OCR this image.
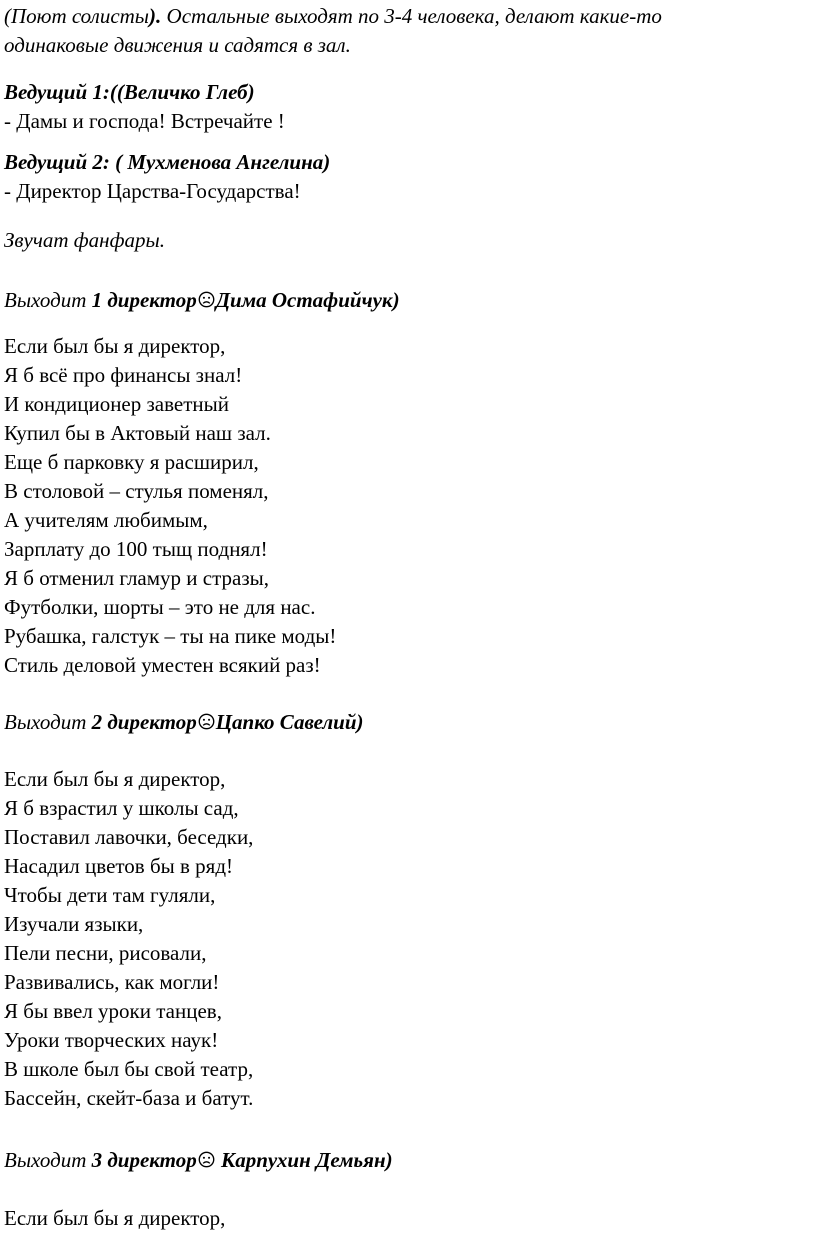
(Поют солисты). Остальные выходят по 3-4 человека, делают какие-то

одинаковые движения и садятся в зал.

Ведущий 1:((Величко Глеб)

- Дамы и господа! Встречайте !

Ведущий 2: ( Мухменова Ангелина)

- Директор Царства-Государства!

Звучат фанфары.

Выходит 1 директор Дима Остафийчук)

Если был бы я директор,

Я б всё про финансы знал!

И кондиционер заветный

Купил бы в Актовый наш зал.

Еще б парковку я расширил,

В столовой – стулья поменял,

А учителям любимым,

Зарплату до 100 тыщ поднял!

Я б отменил гламур и стразы,

Футболки, шорты – это не для нас.

Рубашка, галстук – ты на пике моды!

Стиль деловой уместен всякий раз!

Выходит 2 директор Цапко Савелий)

Если был бы я директор,

Я б взрастил у школы сад,

Поставил лавочки, беседки,

Насадил цветов бы в ряд!

Чтобы дети там гуляли,

Изучали языки,

Пели песни, рисовали,

Развивались, как могли!

Я бы ввел уроки танцев,

Уроки творческих наук!

В школе был бы свой театр,

Бассейн, скейт-база и батут.

Выходит 3 директор Карпухин Демьян)

Если был бы я директор,
